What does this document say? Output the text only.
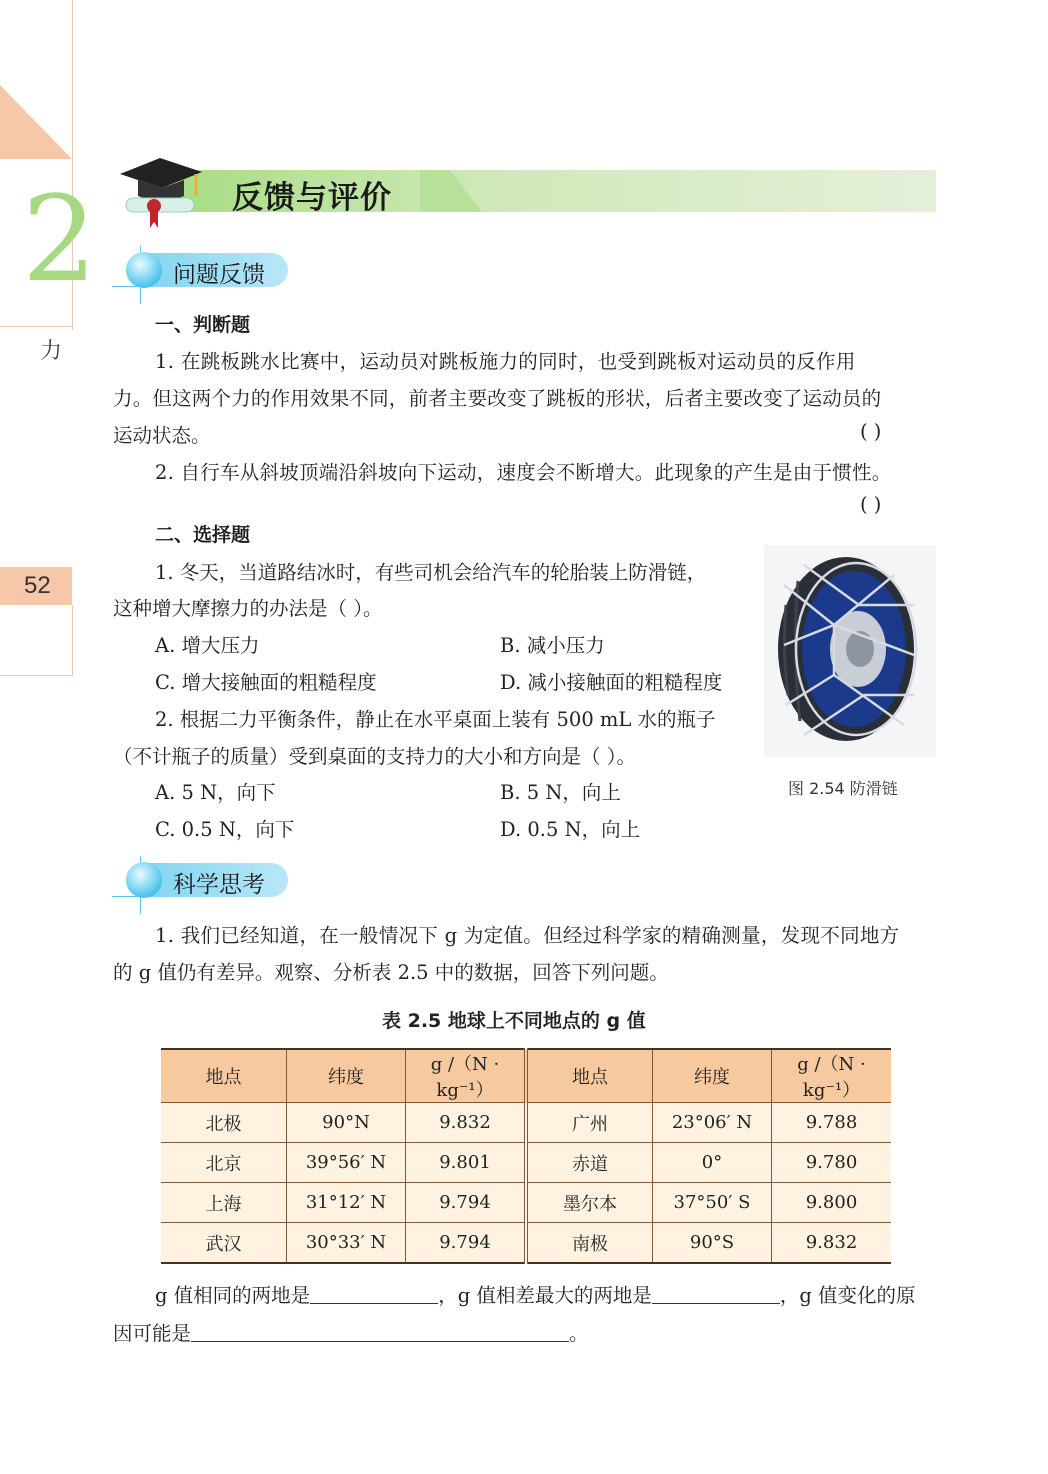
2
力
52
反馈与评价
问题反馈
一、判断题
1. 在跳板跳水比赛中，运动员对跳板施力的同时，也受到跳板对运动员的反作用
力。但这两个力的作用效果不同，前者主要改变了跳板的形状，后者主要改变了运动员的
运动状态。	( )
2. 自行车从斜坡顶端沿斜坡向下运动，速度会不断增大。此现象的产生是由于惯性。
( )
二、选择题
1. 冬天，当道路结冰时，有些司机会给汽车的轮胎装上防滑链，
这种增大摩擦力的办法是（ ）。
A. 增大压力	B. 减小压力
C. 增大接触面的粗糙程度	D. 减小接触面的粗糙程度
2. 根据二力平衡条件，静止在水平桌面上装有 500 mL 水的瓶子
（不计瓶子的质量）受到桌面的支持力的大小和方向是（ ）。
A. 5 N，向下	B. 5 N，向上
C. 0.5 N，向下	D. 0.5 N，向上
图 2.54 防滑链
科学思考
1. 我们已经知道，在一般情况下 g 为定值。但经过科学家的精确测量，发现不同地方
的 g 值仍有差异。观察、分析表 2.5 中的数据，回答下列问题。
表 2.5 地球上不同地点的 g 值
地点	纬度	g /（N · kg⁻¹）	地点	纬度	g /（N · kg⁻¹）
北极	90°N	9.832	广州	23°06′ N	9.788
北京	39°56′ N	9.801	赤道	0°	9.780
上海	31°12′ N	9.794	墨尔本	37°50′ S	9.800
武汉	30°33′ N	9.794	南极	90°S	9.832
g 值相同的两地是	，g 值相差最大的两地是	，g 值变化的原
因可能是	。
